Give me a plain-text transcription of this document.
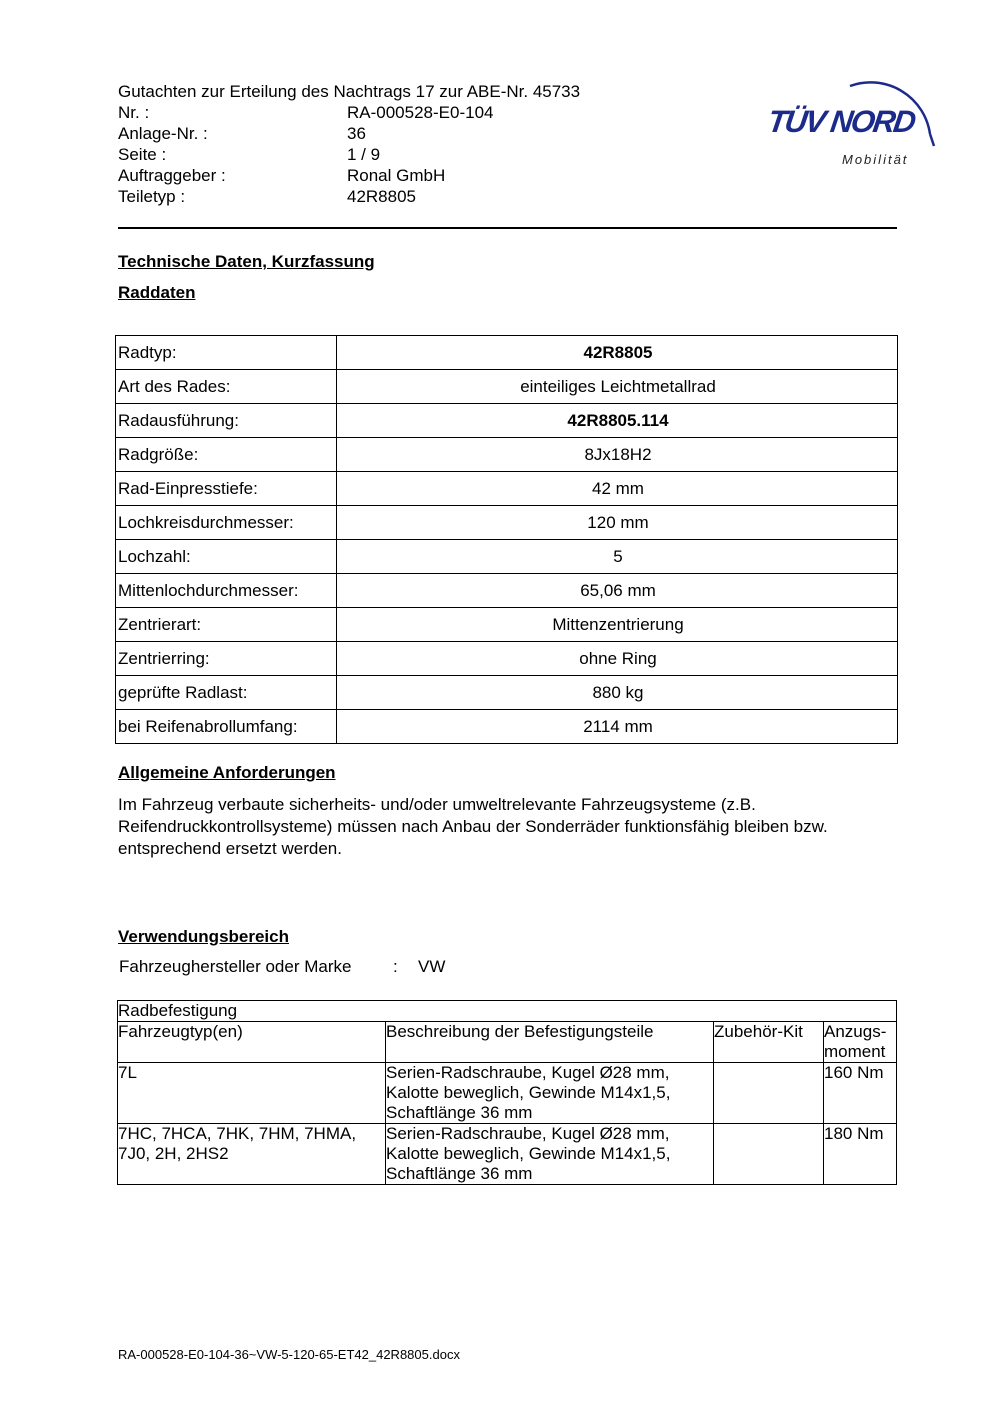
Gutachten zur Erteilung des Nachtrags 17 zur ABE-Nr. 45733
Nr. :	RA-000528-E0-104
Anlage-Nr. :	36
Seite :	1 / 9
Auftraggeber :	Ronal GmbH
Teiletyp :	42R8805
TÜV NORD
Mobilität
Technische Daten, Kurzfassung
Raddaten
Radtyp:	42R8805
Art des Rades:	einteiliges Leichtmetallrad
Radausführung:	42R8805.114
Radgröße:	8Jx18H2
Rad-Einpresstiefe:	42 mm
Lochkreisdurchmesser:	120 mm
Lochzahl:	5
Mittenlochdurchmesser:	65,06 mm
Zentrierart:	Mittenzentrierung
Zentrierring:	ohne Ring
geprüfte Radlast:	880 kg
bei Reifenabrollumfang:	2114 mm
Allgemeine Anforderungen
Im Fahrzeug verbaute sicherheits- und/oder umweltrelevante Fahrzeugsysteme (z.B. Reifendruckkontrollsysteme) müssen nach Anbau der Sonderräder funktionsfähig bleiben bzw. entsprechend ersetzt werden.
Verwendungsbereich
Fahrzeughersteller oder Marke	:	VW
Radbefestigung			
Fahrzeugtyp(en)	Beschreibung der Befestigungsteile	Zubehör-Kit	Anzugs-moment
7L	Serien-Radschraube, Kugel Ø28 mm, Kalotte beweglich, Gewinde M14x1,5, Schaftlänge 36 mm		160 Nm
7HC, 7HCA, 7HK, 7HM, 7HMA, 7J0, 2H, 2HS2	Serien-Radschraube, Kugel Ø28 mm, Kalotte beweglich, Gewinde M14x1,5, Schaftlänge 36 mm		180 Nm
RA-000528-E0-104-36~VW-5-120-65-ET42_42R8805.docx
